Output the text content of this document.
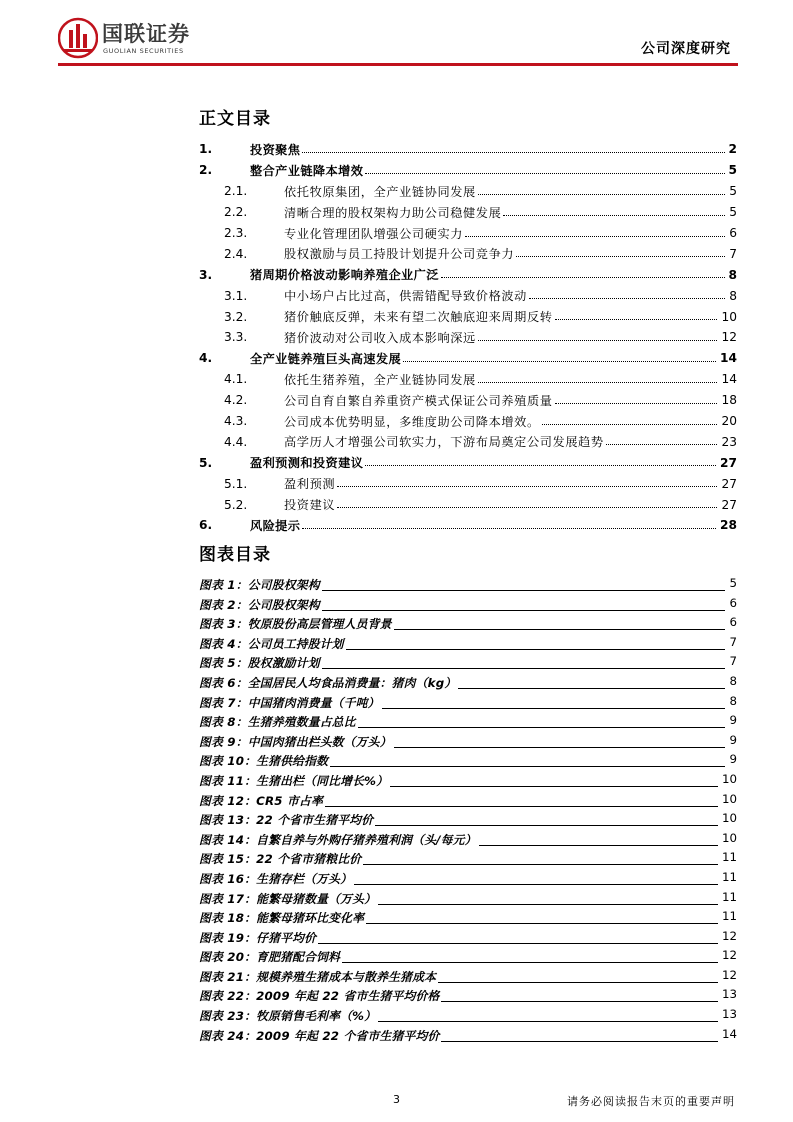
国联证券
GUOLIAN SECURITIES	公司深度研究
正文目录
1.	投资聚焦	2
2.	整合产业链降本增效	5
2.1.	依托牧原集团，全产业链协同发展	5
2.2.	清晰合理的股权架构力助公司稳健发展	5
2.3.	专业化管理团队增强公司硬实力	6
2.4.	股权激励与员工持股计划提升公司竞争力	7
3.	猪周期价格波动影响养殖企业广泛	8
3.1.	中小场户占比过高，供需错配导致价格波动	8
3.2.	猪价触底反弹，未来有望二次触底迎来周期反转	10
3.3.	猪价波动对公司收入成本影响深远	12
4.	全产业链养殖巨头高速发展	14
4.1.	依托生猪养殖，全产业链协同发展	14
4.2.	公司自育自繁自养重资产模式保证公司养殖质量	18
4.3.	公司成本优势明显，多维度助公司降本增效。	20
4.4.	高学历人才增强公司软实力，下游布局奠定公司发展趋势	23
5.	盈利预测和投资建议	27
5.1.	盈利预测	27
5.2.	投资建议	27
6.	风险提示	28
图表目录
图表 1：公司股权架构	5
图表 2：公司股权架构	6
图表 3：牧原股份高层管理人员背景	6
图表 4：公司员工持股计划	7
图表 5：股权激励计划	7
图表 6：全国居民人均食品消费量：猪肉（kg）	8
图表 7：中国猪肉消费量（千吨）	8
图表 8：生猪养殖数量占总比	9
图表 9：中国肉猪出栏头数（万头）	9
图表 10：生猪供给指数	9
图表 11：生猪出栏（同比增长%）	10
图表 12：CR5 市占率	10
图表 13：22 个省市生猪平均价	10
图表 14：自繁自养与外购仔猪养殖利润（头/每元）	10
图表 15：22 个省市猪粮比价	11
图表 16：生猪存栏（万头）	11
图表 17：能繁母猪数量（万头）	11
图表 18：能繁母猪环比变化率	11
图表 19：仔猪平均价	12
图表 20：育肥猪配合饲料	12
图表 21：规模养殖生猪成本与散养生猪成本	12
图表 22：2009 年起 22 省市生猪平均价格	13
图表 23：牧原销售毛利率（%）	13
图表 24：2009 年起 22 个省市生猪平均价	14
3	请务必阅读报告末页的重要声明
